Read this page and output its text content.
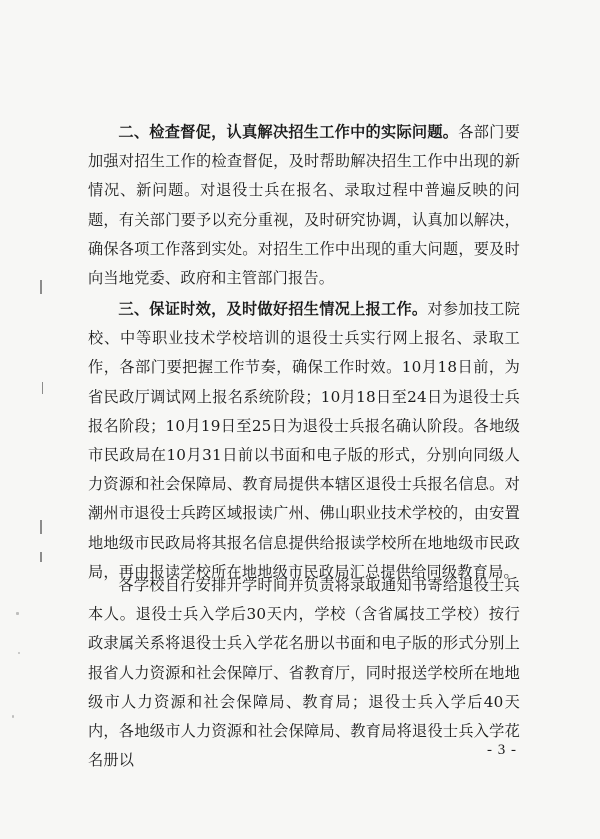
二、检查督促，认真解决招生工作中的实际问题。各部门要加强对招生工作的检查督促，及时帮助解决招生工作中出现的新情况、新问题。对退役士兵在报名、录取过程中普遍反映的问题，有关部门要予以充分重视，及时研究协调，认真加以解决，确保各项工作落到实处。对招生工作中出现的重大问题，要及时向当地党委、政府和主管部门报告。

三、保证时效，及时做好招生情况上报工作。对参加技工院校、中等职业技术学校培训的退役士兵实行网上报名、录取工作，各部门要把握工作节奏，确保工作时效。10月18日前，为省民政厅调试网上报名系统阶段；10月18日至24日为退役士兵报名阶段；10月19日至25日为退役士兵报名确认阶段。各地级市民政局在10月31日前以书面和电子版的形式，分别向同级人力资源和社会保障局、教育局提供本辖区退役士兵报名信息。对潮州市退役士兵跨区域报读广州、佛山职业技术学校的，由安置地地级市民政局将其报名信息提供给报读学校所在地地级市民政局，再由报读学校所在地地级市民政局汇总提供给同级教育局。

各学校自行安排开学时间并负责将录取通知书寄给退役士兵本人。退役士兵入学后30天内，学校（含省属技工学校）按行政隶属关系将退役士兵入学花名册以书面和电子版的形式分别上报省人力资源和社会保障厅、省教育厅，同时报送学校所在地地级市人力资源和社会保障局、教育局；退役士兵入学后40天内，各地级市人力资源和社会保障局、教育局将退役士兵入学花名册以

- 3 -
